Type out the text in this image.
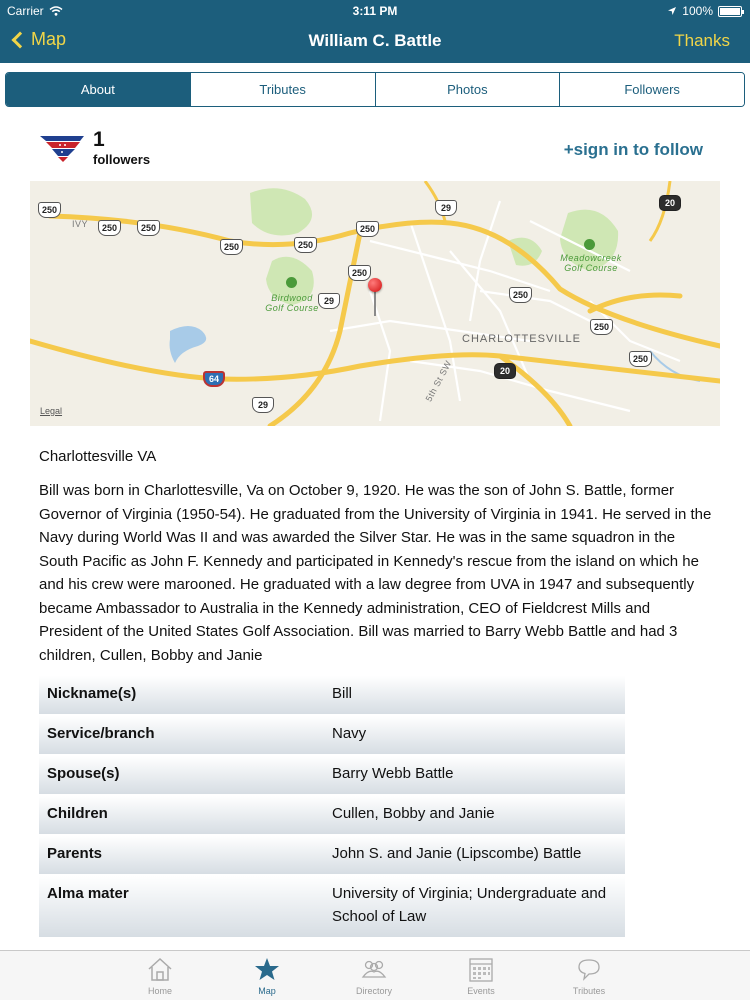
Carrier	3:11 PM	100%
Map	William C. Battle	Thanks
About	Tributes	Photos	Followers
1
followers
+sign in to follow
IVY
CHARLOTTESVILLE
5th St SW
Birdwood Golf Course
Meadowcreek Golf Course
250
250	250
250	250
250
250
250
250
250
29
29
29
64
20
20
Legal
Charlottesville VA
Bill was born in Charlottesville, Va on October 9, 1920. He was the son of John S. Battle, former Governor of Virginia (1950-54). He graduated from the University of Virginia in 1941. He served in the Navy during World Was II and was awarded the Silver Star. He was in the same squadron in the South Pacific as John F. Kennedy and participated in Kennedy's rescue from the island on which he and his crew were marooned. He graduated with a law degree from UVA in 1947 and subsequently became Ambassador to Australia in the Kennedy administration, CEO of Fieldcrest Mills and President of the United States Golf Association. Bill was married to Barry Webb Battle and had 3 children, Cullen, Bobby and Janie
Nickname(s)	Bill
Service/branch	Navy
Spouse(s)	Barry Webb Battle
Children	Cullen, Bobby and Janie
Parents	John S. and Janie (Lipscombe) Battle
Alma mater	University of Virginia; Undergraduate and School of Law
Home	Map	Directory	Events	Tributes
